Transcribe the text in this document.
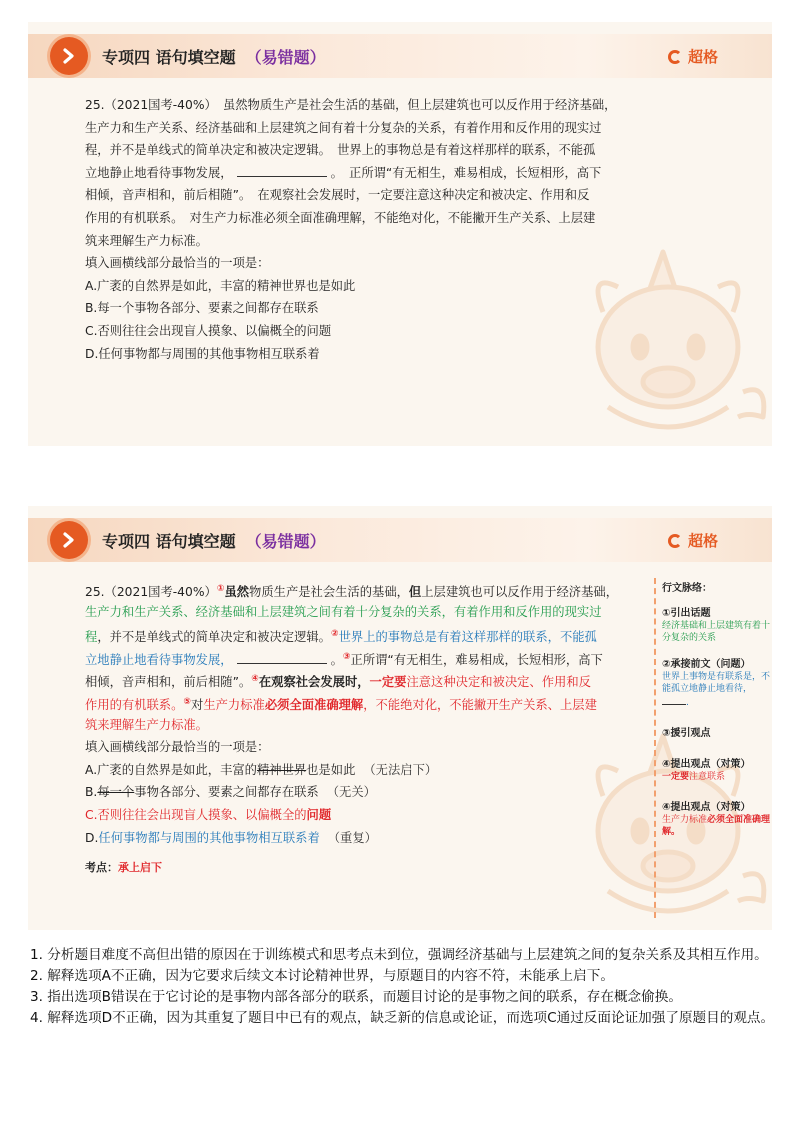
专项四 语句填空题 （易错题）	超格
25.（2021国考-40%）　虽然物质生产是社会生活的基础，但上层建筑也可以反作用于经济基础，
生产力和生产关系、经济基础和上层建筑之间有着十分复杂的关系，有着作用和反作用的现实过
程，并不是单线式的简单决定和被决定逻辑。　世界上的事物总是有着这样那样的联系，不能孤
立地静止地看待事物发展，	。　正所谓“有无相生，难易相成，长短相形，高下
相倾，音声相和，前后相随”。　在观察社会发展时，一定要注意这种决定和被决定、作用和反
作用的有机联系。　对生产力标准必须全面准确理解，不能绝对化，不能撇开生产关系、上层建
筑来理解生产力标准。
填入画横线部分最恰当的一项是：
A.广袤的自然界是如此，丰富的精神世界也是如此
B.每一个事物各部分、要素之间都存在联系
C.否则往往会出现盲人摸象、以偏概全的问题
D.任何事物都与周围的其他事物相互联系着
专项四 语句填空题 （易错题）	超格
25.（2021国考-40%）①虽然物质生产是社会生活的基础，但上层建筑也可以反作用于经济基础，
生产力和生产关系、经济基础和上层建筑之间有着十分复杂的关系，有着作用和反作用的现实过
程，并不是单线式的简单决定和被决定逻辑。②世界上的事物总是有着这样那样的联系，不能孤
立地静止地看待事物发展，	。③正所谓“有无相生，难易相成，长短相形，高下
相倾，音声相和，前后相随”。④在观察社会发展时，一定要注意这种决定和被决定、作用和反
作用的有机联系。⑤对生产力标准必须全面准确理解，不能绝对化，不能撇开生产关系、上层建
筑来理解生产力标准。
填入画横线部分最恰当的一项是：
A.广袤的自然界是如此，丰富的精神世界也是如此 （无法启下）
B.每一个事物各部分、要素之间都存在联系 （无关）
C.否则往往会出现盲人摸象、以偏概全的问题
D.任何事物都与周围的其他事物相互联系着 （重复）
考点：承上启下
行文脉络：
①引出话题
经济基础和上层建筑有着十分复杂的关系
②承接前文（问题）
世界上事物是有联系是，不能孤立地静止地看待，.
③援引观点
④提出观点（对策）
一定要注意联系
④提出观点（对策）
生产力标准必须全面准确理解。
1. 分析题目难度不高但出错的原因在于训练模式和思考点未到位，强调经济基础与上层建筑之间的复杂关系及其相互作用。
2. 解释选项A不正确，因为它要求后续文本讨论精神世界，与原题目的内容不符，未能承上启下。
3. 指出选项B错误在于它讨论的是事物内部各部分的联系，而题目讨论的是事物之间的联系，存在概念偷换。
4. 解释选项D不正确，因为其重复了题目中已有的观点，缺乏新的信息或论证，而选项C通过反面论证加强了原题目的观点。
